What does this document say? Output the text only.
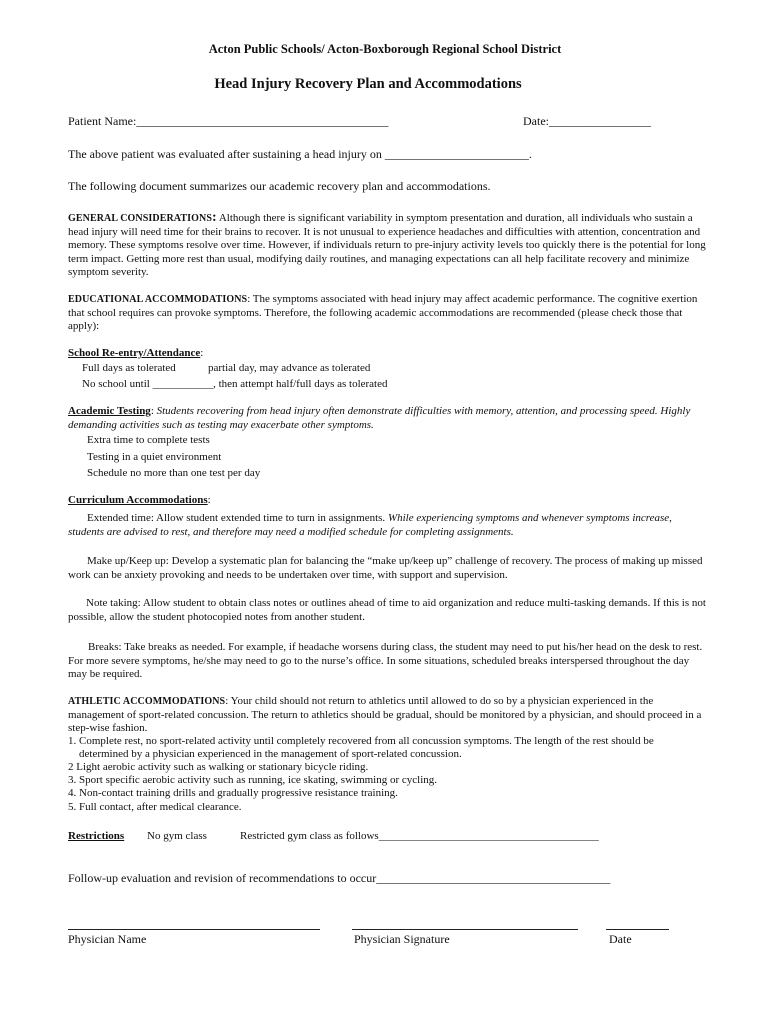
Acton Public Schools/ Acton-Boxborough Regional School District
Head Injury Recovery Plan and Accommodations
Patient Name:__________________________________________	Date:_________________
The above patient was evaluated after sustaining a head injury on ________________________.
The following document summarizes our academic recovery plan and accommodations.
GENERAL CONSIDERATIONS: Although there is significant variability in symptom presentation and duration, all individuals who sustain a head injury will need time for their brains to recover. It is not unusual to experience headaches and difficulties with attention, concentration and memory. These symptoms resolve over time. However, if individuals return to pre-injury activity levels too quickly there is the potential for long term impact. Getting more rest than usual, modifying daily routines, and managing expectations can all help facilitate recovery and minimize symptom severity.
EDUCATIONAL ACCOMMODATIONS: The symptoms associated with head injury may affect academic performance. The cognitive exertion that school requires can provoke symptoms. Therefore, the following academic accommodations are recommended (please check those that apply):
School Re-entry/Attendance:
Full days as tolerated	partial day, may advance as tolerated
No school until ___________, then attempt half/full days as tolerated
Academic Testing: Students recovering from head injury often demonstrate difficulties with memory, attention, and processing speed. Highly demanding activities such as testing may exacerbate other symptoms.
Extra time to complete tests
Testing in a quiet environment
Schedule no more than one test per day
Curriculum Accommodations:
Extended time: Allow student extended time to turn in assignments. While experiencing symptoms and whenever symptoms increase, students are advised to rest, and therefore may need a modified schedule for completing assignments.
Make up/Keep up: Develop a systematic plan for balancing the “make up/keep up” challenge of recovery. The process of making up missed work can be anxiety provoking and needs to be undertaken over time, with support and supervision.
Note taking: Allow student to obtain class notes or outlines ahead of time to aid organization and reduce multi-tasking demands. If this is not possible, allow the student photocopied notes from another student.
Breaks: Take breaks as needed. For example, if headache worsens during class, the student may need to put his/her head on the desk to rest. For more severe symptoms, he/she may need to go to the nurse’s office. In some situations, scheduled breaks interspersed throughout the day may be required.
ATHLETIC ACCOMMODATIONS: Your child should not return to athletics until allowed to do so by a physician experienced in the management of sport-related concussion. The return to athletics should be gradual, should be monitored by a physician, and should proceed in a step-wise fashion.
1. Complete rest, no sport-related activity until completely recovered from all concussion symptoms. The length of the rest should be
determined by a physician experienced in the management of sport-related concussion.
2 Light aerobic activity such as walking or stationary bicycle riding.
3. Sport specific aerobic activity such as running, ice skating, swimming or cycling.
4. Non-contact training drills and gradually progressive resistance training.
5. Full contact, after medical clearance.
Restrictions No gym class	Restricted gym class as follows________________________________________
Follow-up evaluation and revision of recommendations to occur_______________________________________
Physician Name	Physician Signature	Date
